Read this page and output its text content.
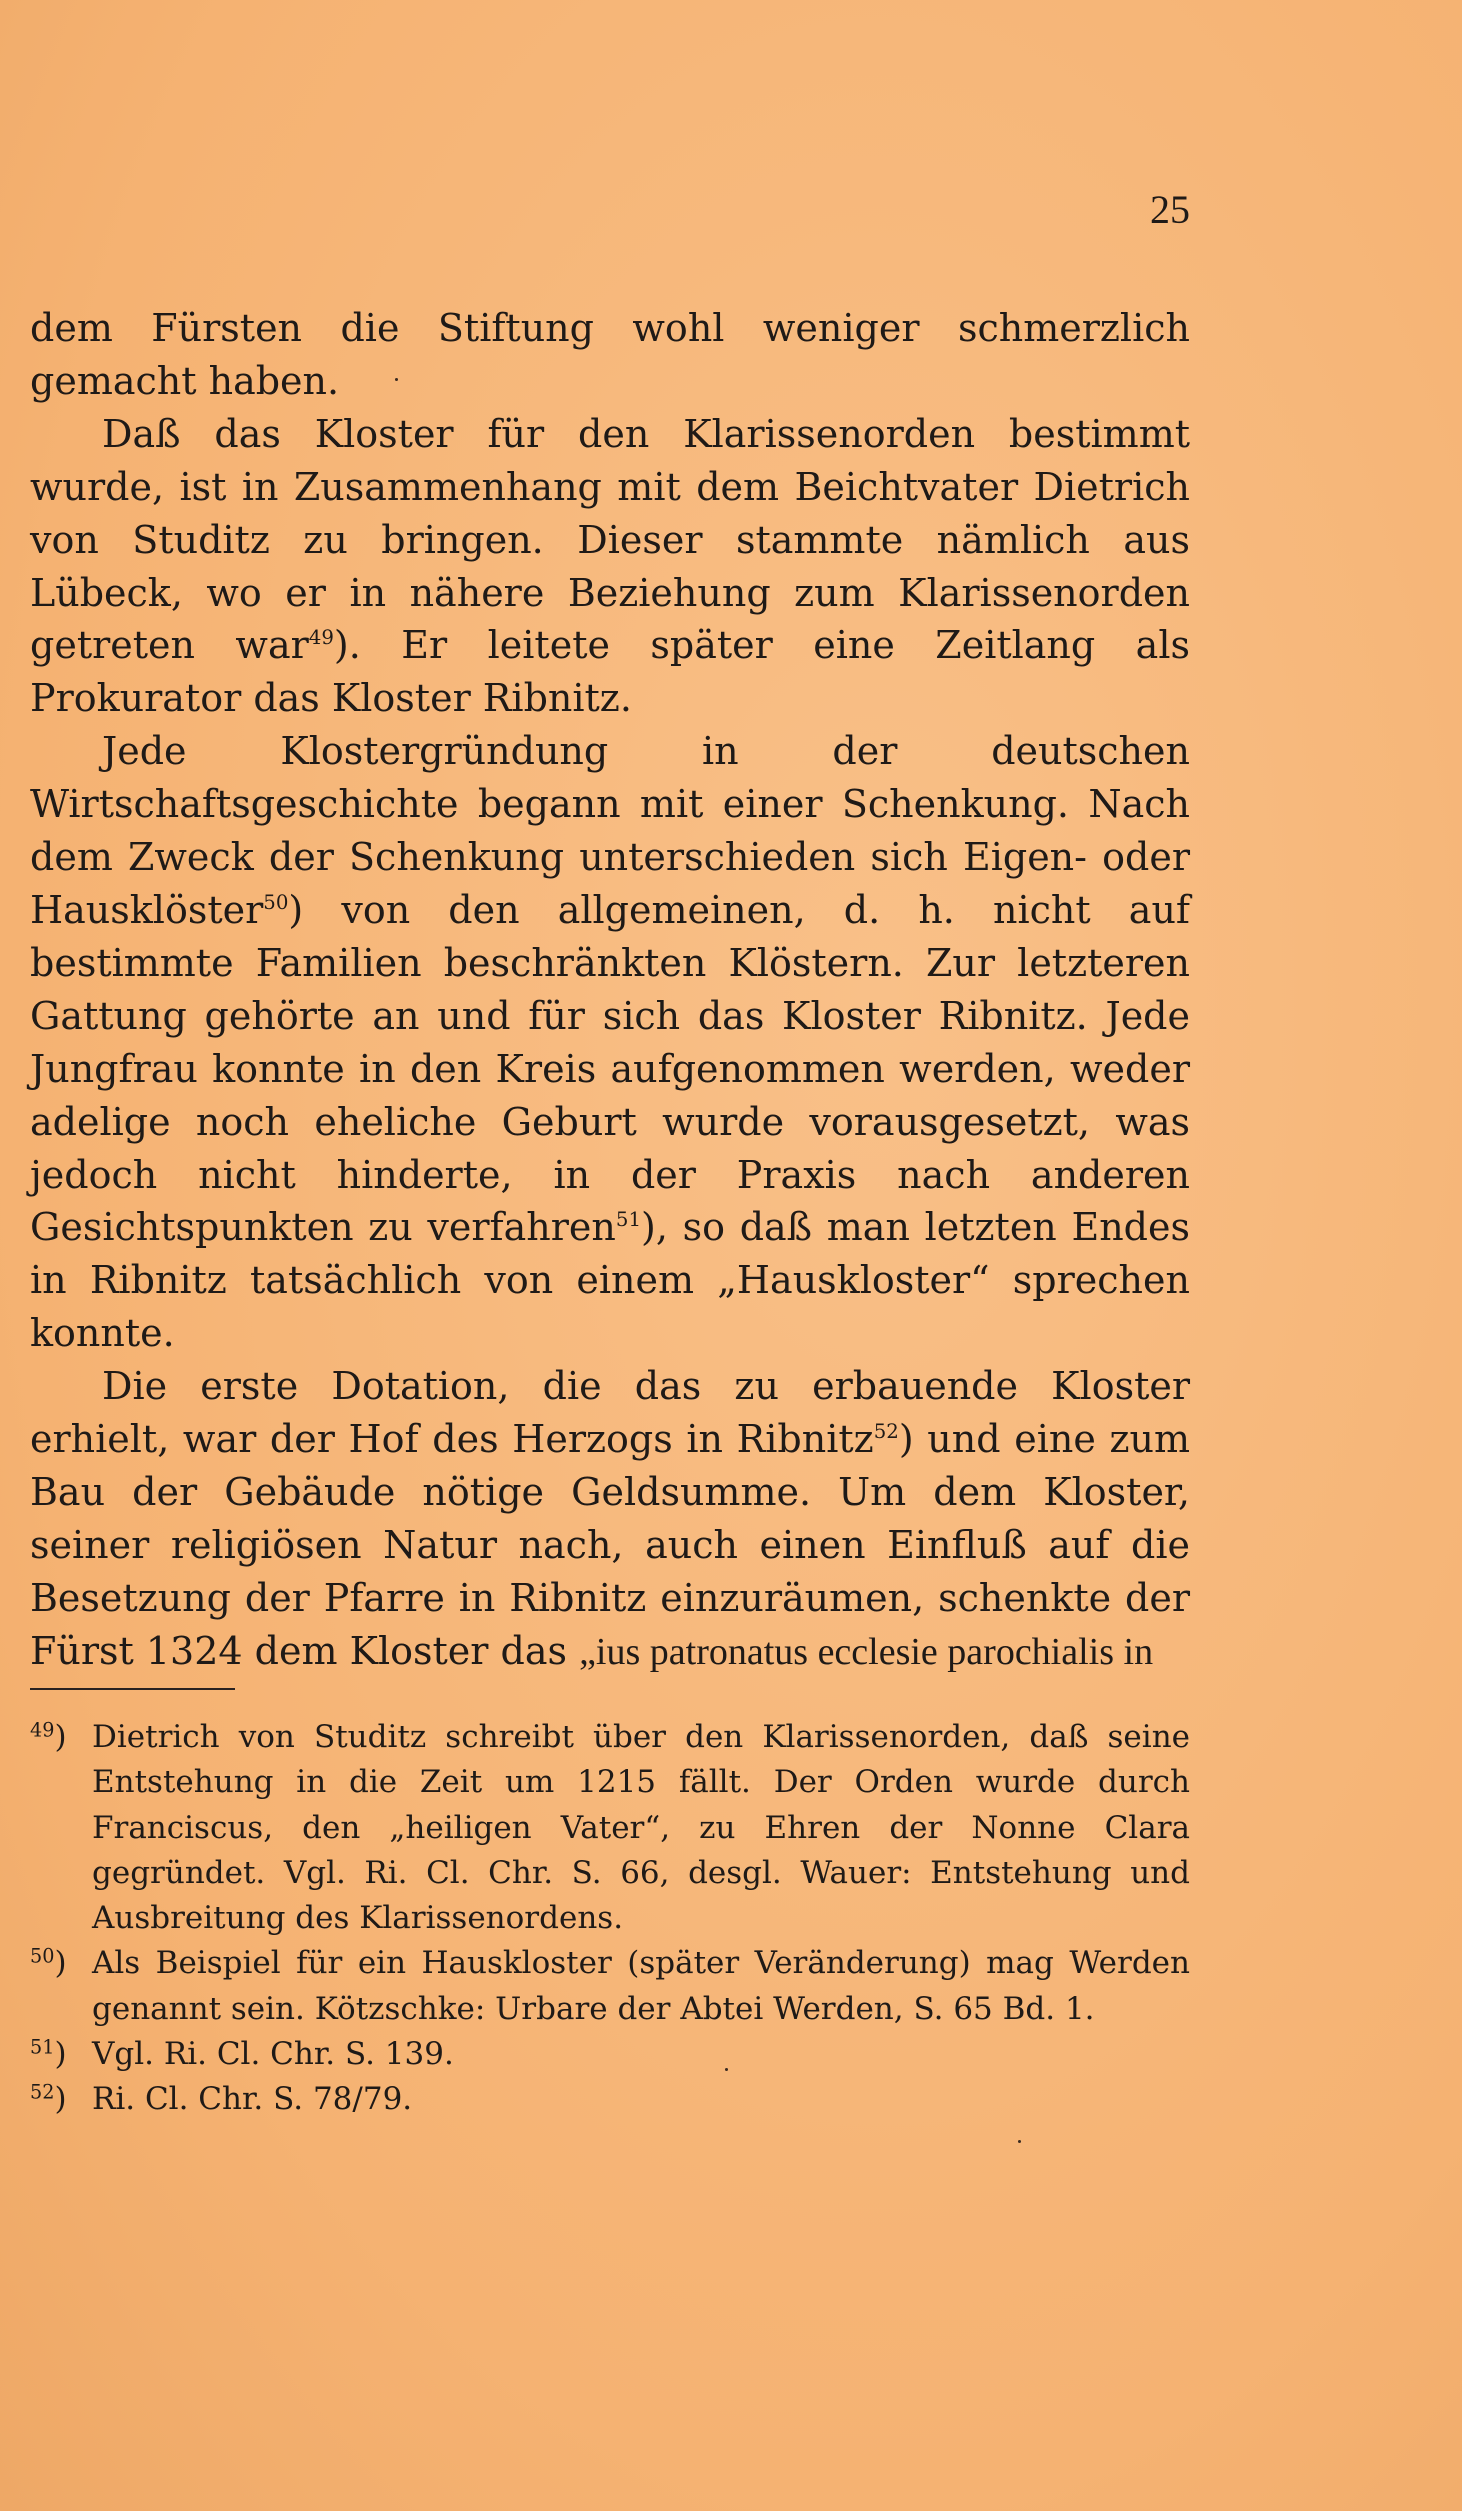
25

dem Fürsten die Stiftung wohl weniger schmerzlich gemacht haben.

Daß das Kloster für den Klarissenorden bestimmt wurde, ist in Zusammenhang mit dem Beichtvater Dietrich von Studitz zu bringen. Dieser stammte nämlich aus Lübeck, wo er in nähere Beziehung zum Klarissenorden getreten war$^{49}$). Er leitete später eine Zeitlang als Prokurator das Kloster Ribnitz.

Jede Klostergründung in der deutschen Wirtschaftsgeschichte begann mit einer Schenkung. Nach dem Zweck der Schenkung unterschieden sich Eigen- oder Hausklöster$^{50}$) von den allgemeinen, d. h. nicht auf bestimmte Familien beschränkten Klöstern. Zur letzteren Gattung gehörte an und für sich das Kloster Ribnitz. Jede Jungfrau konnte in den Kreis aufgenommen werden, weder adelige noch eheliche Geburt wurde vorausgesetzt, was jedoch nicht hinderte, in der Praxis nach anderen Gesichtspunkten zu verfahren$^{51}$), so daß man letzten Endes in Ribnitz tatsächlich von einem „Hauskloster“ sprechen konnte.

Die erste Dotation, die das zu erbauende Kloster erhielt, war der Hof des Herzogs in Ribnitz$^{52}$) und eine zum Bau der Gebäude nötige Geldsumme. Um dem Kloster, seiner religiösen Natur nach, auch einen Einfluß auf die Besetzung der Pfarre in Ribnitz einzuräumen, schenkte der Fürst 1324 dem Kloster das „ius patronatus ecclesie parochialis in

$^{49}$) Dietrich von Studitz schreibt über den Klarissenorden, daß seine Entstehung in die Zeit um 1215 fällt. Der Orden wurde durch Franciscus, den „heiligen Vater“, zu Ehren der Nonne Clara gegründet. Vgl. Ri. Cl. Chr. S. 66, desgl. Wauer: Entstehung und Ausbreitung des Klarissenordens.
$^{50}$) Als Beispiel für ein Hauskloster (später Veränderung) mag Werden genannt sein. Kötzschke: Urbare der Abtei Werden, S. 65 Bd. 1.
$^{51}$) Vgl. Ri. Cl. Chr. S. 139.
$^{52}$) Ri. Cl. Chr. S. 78/79.
